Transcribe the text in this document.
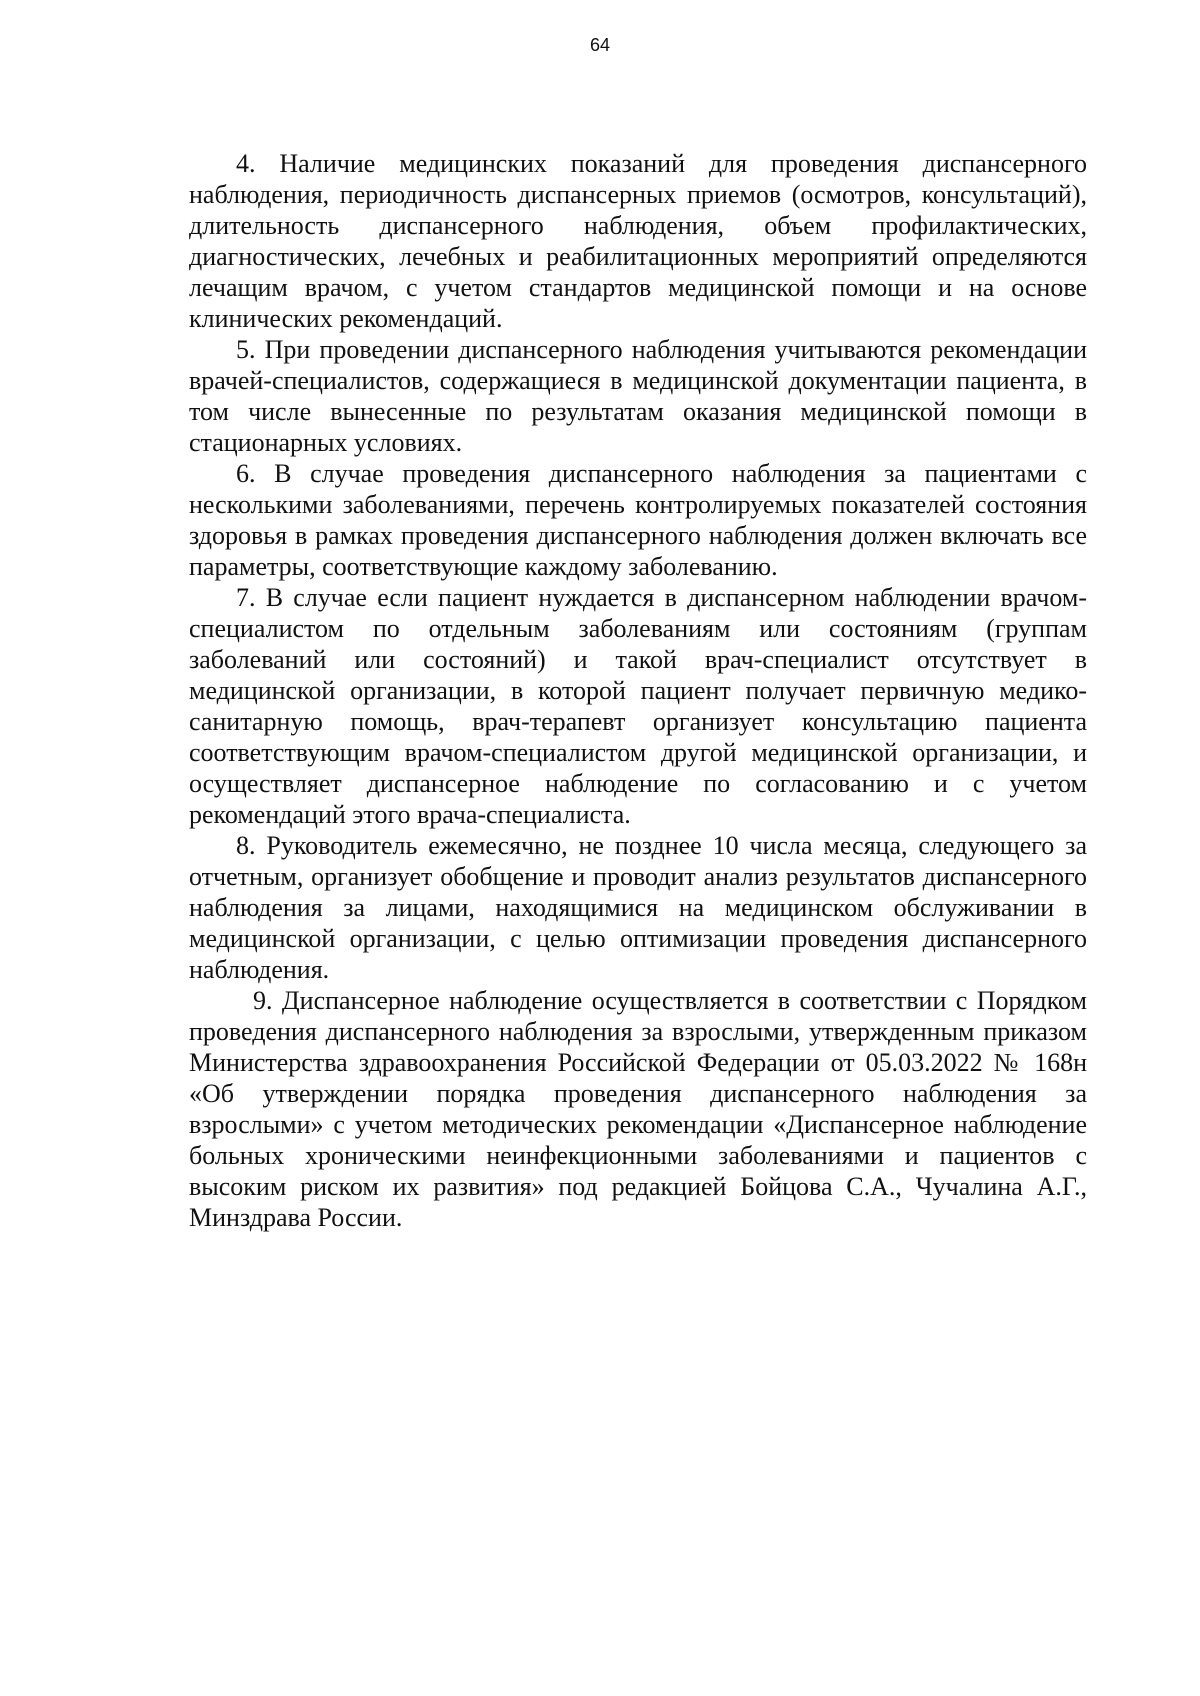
64

4. Наличие медицинских показаний для проведения диспансерного наблюдения, периодичность диспансерных приемов (осмотров, консультаций), длительность диспансерного наблюдения, объем профилактических, диагностических, лечебных и реабилитационных мероприятий определяются лечащим врачом, с учетом стандартов медицинской помощи и на основе клинических рекомендаций.

5. При проведении диспансерного наблюдения учитываются рекомендации врачей-специалистов, содержащиеся в медицинской документации пациента, в том числе вынесенные по результатам оказания медицинской помощи в стационарных условиях.

6. В случае проведения диспансерного наблюдения за пациентами с несколькими заболеваниями, перечень контролируемых показателей состояния здоровья в рамках проведения диспансерного наблюдения должен включать все параметры, соответствующие каждому заболеванию.

7. В случае если пациент нуждается в диспансерном наблюдении врачом-специалистом по отдельным заболеваниям или состояниям (группам заболеваний или состояний) и такой врач-специалист отсутствует в медицинской организации, в которой пациент получает первичную медико-санитарную помощь, врач-терапевт организует консультацию пациента соответствующим врачом-специалистом другой медицинской организации, и осуществляет диспансерное наблюдение по согласованию и с учетом рекомендаций этого врача-специалиста.

8. Руководитель ежемесячно, не позднее 10 числа месяца, следующего за отчетным, организует обобщение и проводит анализ результатов диспансерного наблюдения за лицами, находящимися на медицинском обслуживании в медицинской организации, с целью оптимизации проведения диспансерного наблюдения.

9. Диспансерное наблюдение осуществляется в соответствии с Порядком проведения диспансерного наблюдения за взрослыми, утвержденным приказом Министерства здравоохранения Российской Федерации от 05.03.2022 № 168н «Об утверждении порядка проведения диспансерного наблюдения за взрослыми» с учетом методических рекомендации «Диспансерное наблюдение больных хроническими неинфекционными заболеваниями и пациентов с высоким риском их развития» под редакцией Бойцова С.А., Чучалина А.Г., Минздрава России.
